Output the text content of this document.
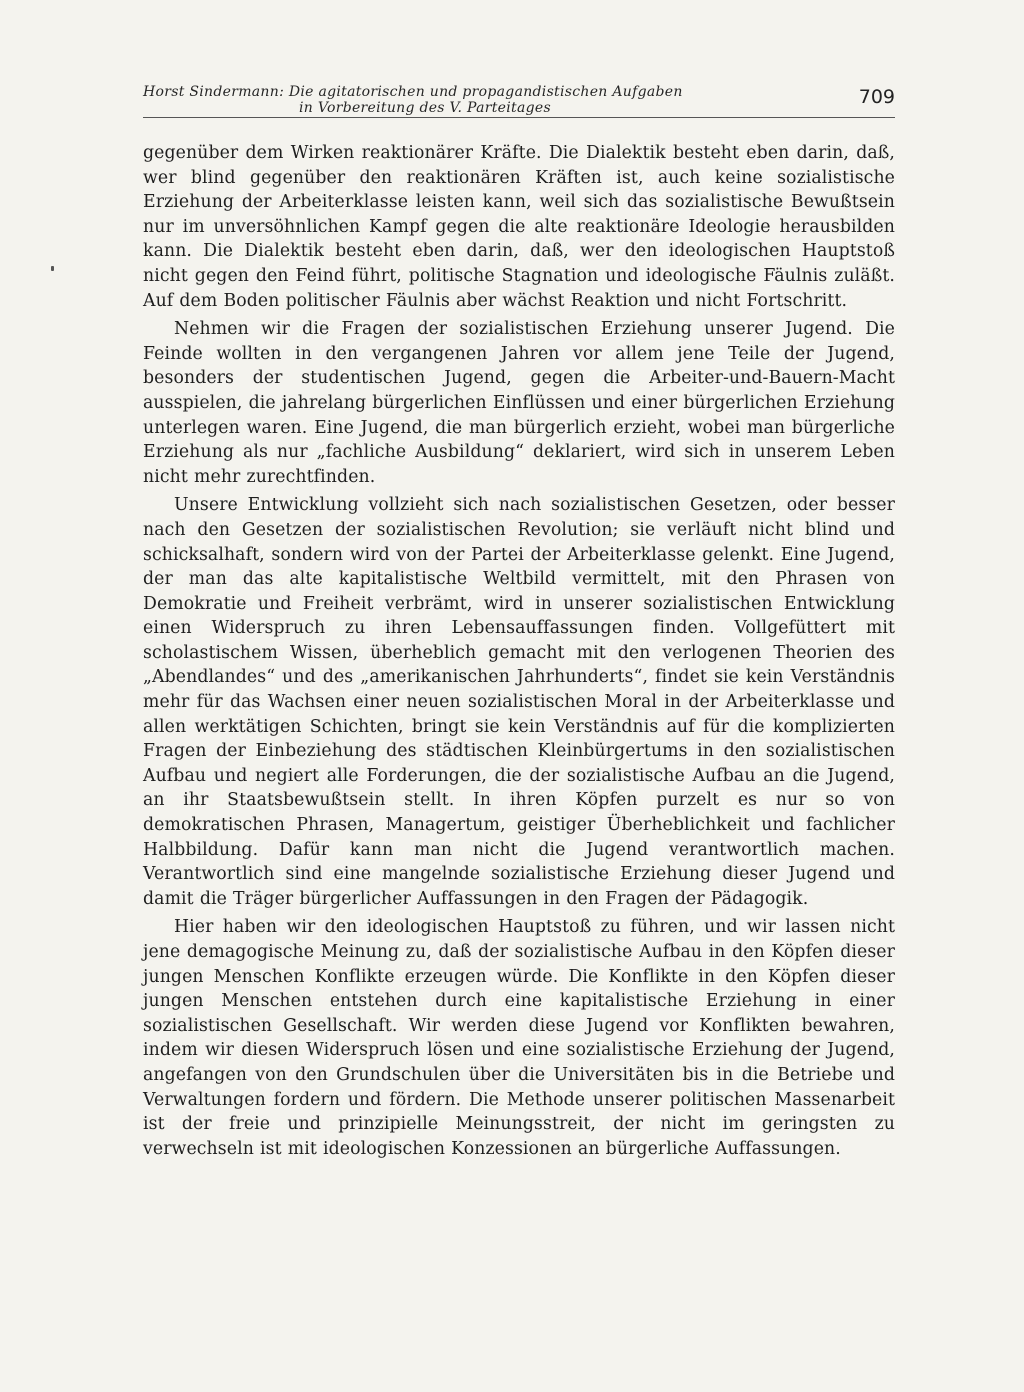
Horst Sindermann: Die agitatorischen und propagandistischen Aufgaben
in Vorbereitung des V. Parteitages	709

gegenüber dem Wirken reaktionärer Kräfte. Die Dialektik besteht eben darin, daß, wer blind gegenüber den reaktionären Kräften ist, auch keine sozialistische Erziehung der Arbeiterklasse leisten kann, weil sich das sozialistische Bewußtsein nur im unversöhnlichen Kampf gegen die alte reaktionäre Ideologie herausbilden kann. Die Dialektik besteht eben darin, daß, wer den ideologischen Hauptstoß nicht gegen den Feind führt, politische Stagnation und ideologische Fäulnis zuläßt. Auf dem Boden politischer Fäulnis aber wächst Reaktion und nicht Fortschritt.

Nehmen wir die Fragen der sozialistischen Erziehung unserer Jugend. Die Feinde wollten in den vergangenen Jahren vor allem jene Teile der Jugend, besonders der studentischen Jugend, gegen die Arbeiter-und-Bauern-Macht ausspielen, die jahrelang bürgerlichen Einflüssen und einer bürgerlichen Erziehung unterlegen waren. Eine Jugend, die man bürgerlich erzieht, wobei man bürgerliche Erziehung als nur „fachliche Ausbildung“ deklariert, wird sich in unserem Leben nicht mehr zurechtfinden.

Unsere Entwicklung vollzieht sich nach sozialistischen Gesetzen, oder besser nach den Gesetzen der sozialistischen Revolution; sie verläuft nicht blind und schicksalhaft, sondern wird von der Partei der Arbeiterklasse gelenkt. Eine Jugend, der man das alte kapitalistische Weltbild vermittelt, mit den Phrasen von Demokratie und Freiheit verbrämt, wird in unserer sozialistischen Entwicklung einen Widerspruch zu ihren Lebensauffassungen finden. Vollgefüttert mit scholastischem Wissen, überheblich gemacht mit den verlogenen Theorien des „Abendlandes“ und des „amerikanischen Jahrhunderts“, findet sie kein Verständnis mehr für das Wachsen einer neuen sozialistischen Moral in der Arbeiterklasse und allen werktätigen Schichten, bringt sie kein Verständnis auf für die komplizierten Fragen der Einbeziehung des städtischen Kleinbürgertums in den sozialistischen Aufbau und negiert alle Forderungen, die der sozialistische Aufbau an die Jugend, an ihr Staatsbewußtsein stellt. In ihren Köpfen purzelt es nur so von demokratischen Phrasen, Managertum, geistiger Überheblichkeit und fachlicher Halbbildung. Dafür kann man nicht die Jugend verantwortlich machen. Verantwortlich sind eine mangelnde sozialistische Erziehung dieser Jugend und damit die Träger bürgerlicher Auffassungen in den Fragen der Pädagogik.

Hier haben wir den ideologischen Hauptstoß zu führen, und wir lassen nicht jene demagogische Meinung zu, daß der sozialistische Aufbau in den Köpfen dieser jungen Menschen Konflikte erzeugen würde. Die Konflikte in den Köpfen dieser jungen Menschen entstehen durch eine kapitalistische Erziehung in einer sozialistischen Gesellschaft. Wir werden diese Jugend vor Konflikten bewahren, indem wir diesen Widerspruch lösen und eine sozialistische Erziehung der Jugend, angefangen von den Grundschulen über die Universitäten bis in die Betriebe und Verwaltungen fordern und fördern. Die Methode unserer politischen Massenarbeit ist der freie und prinzipielle Meinungsstreit, der nicht im geringsten zu verwechseln ist mit ideologischen Konzessionen an bürgerliche Auffassungen.
